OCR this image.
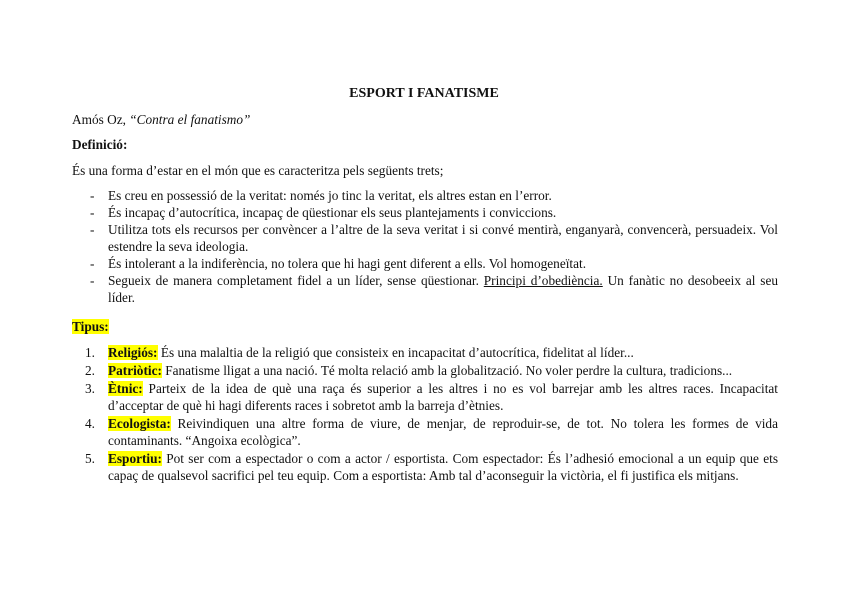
ESPORT I FANATISME
Amós Oz, “Contra el fanatismo”
Definició:
És una forma d’estar en el món que es caracteritza pels següents trets;
- Es creu en possessió de la veritat: només jo tinc la veritat, els altres estan en l’error.
- És incapaç d’autocrítica, incapaç de qüestionar els seus plantejaments i conviccions.
- Utilitza tots els recursos per convèncer a l’altre de la seva veritat i si convé mentirà, enganyarà, convencerà, persuadeix. Vol estendre la seva ideologia.
- És intolerant a la indiferència, no tolera que hi hagi gent diferent a ells. Vol homogeneïtat.
- Segueix de manera completament fidel a un líder, sense qüestionar. Principi d’obediència. Un fanàtic no desobeeix al seu líder.
Tipus:
1. Religiós: És una malaltia de la religió que consisteix en incapacitat d’autocrítica, fidelitat al líder...
2. Patriòtic: Fanatisme lligat a una nació. Té molta relació amb la globalització. No voler perdre la cultura, tradicions...
3. Ètnic: Parteix de la idea de què una raça és superior a les altres i no es vol barrejar amb les altres races. Incapacitat d’acceptar de què hi hagi diferents races i sobretot amb la barreja d’ètnies.
4. Ecologista: Reivindiquen una altre forma de viure, de menjar, de reproduir-se, de tot. No tolera les formes de vida contaminants. “Angoixa ecològica”.
5. Esportiu: Pot ser com a espectador o com a actor / esportista. Com espectador: És l’adhesió emocional a un equip que ets capaç de qualsevol sacrifici pel teu equip. Com a esportista: Amb tal d’aconseguir la victòria, el fi justifica els mitjans.
